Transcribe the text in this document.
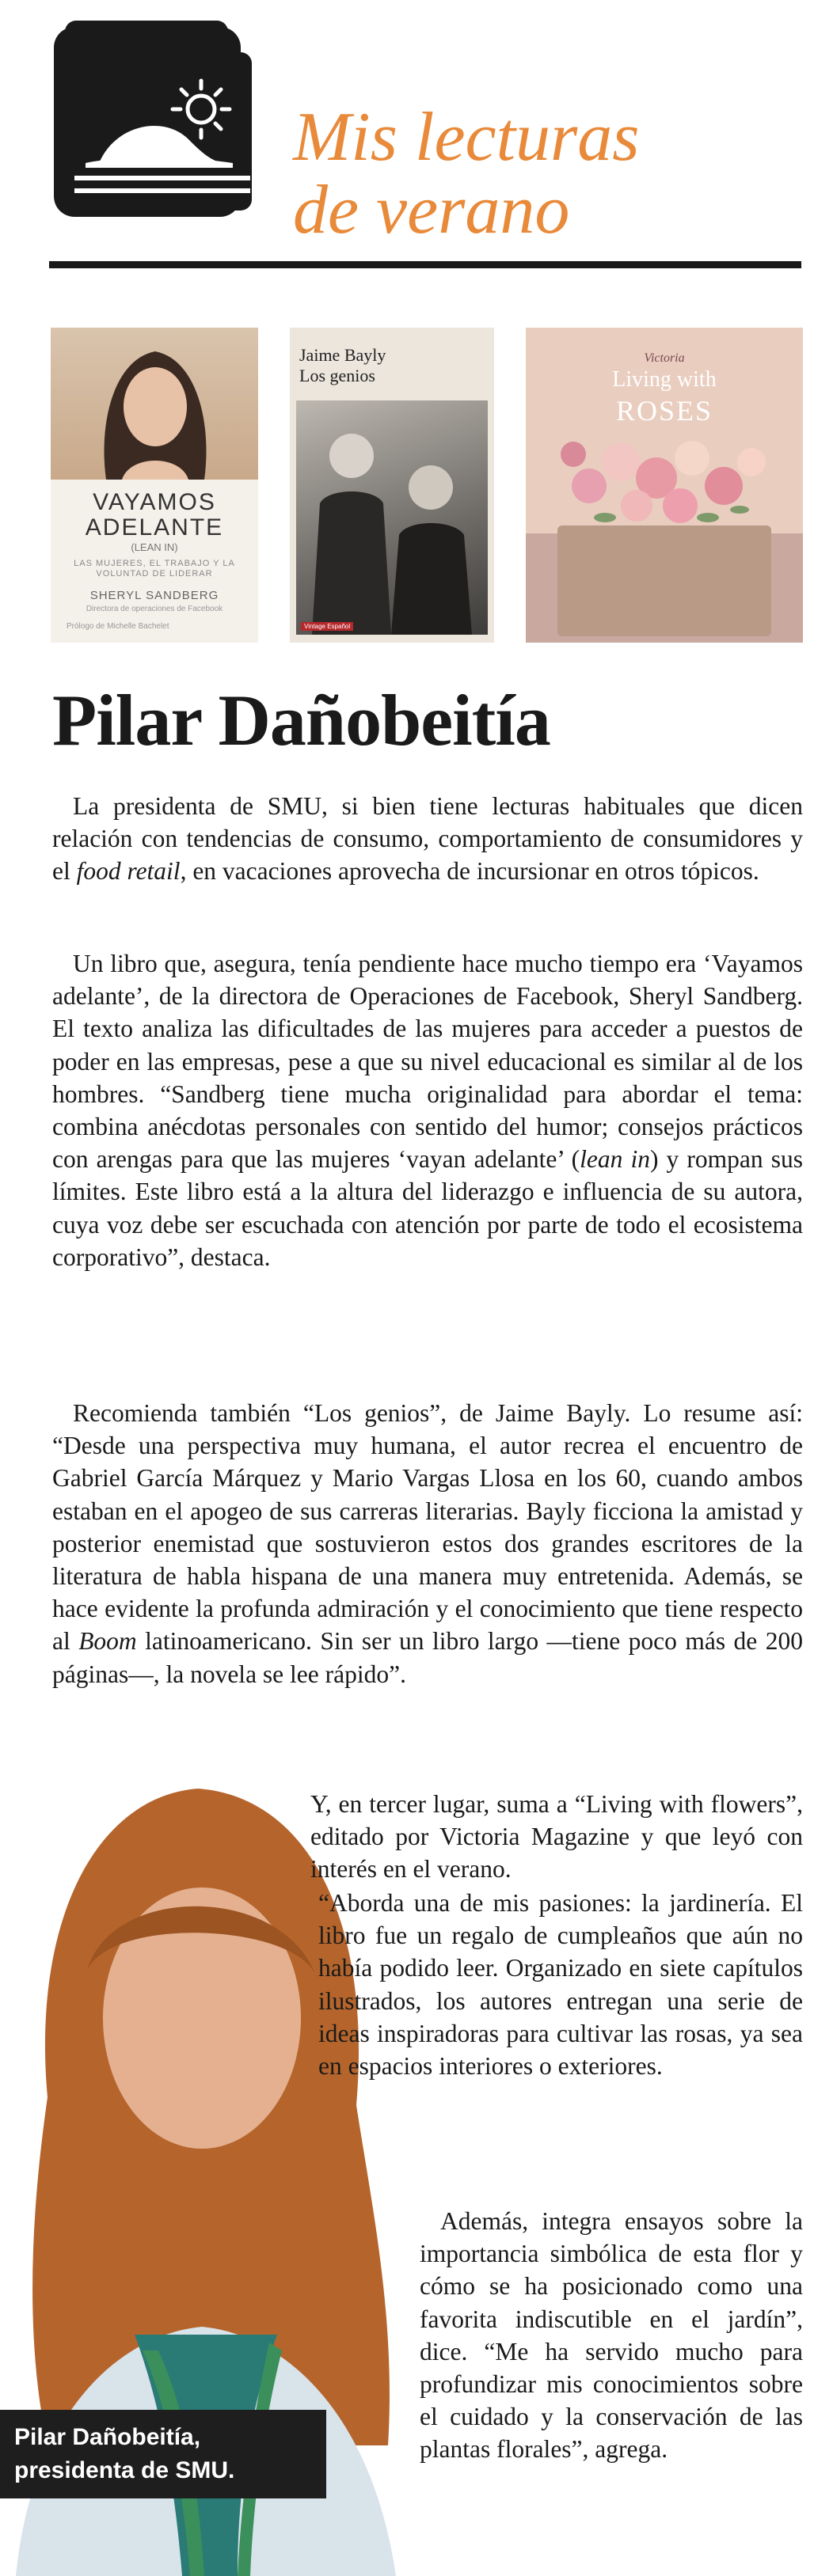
Mis lecturas
de verano
VAYAMOS ADELANTE
(LEAN IN)
LAS MUJERES, EL TRABAJO Y LA VOLUNTAD DE LIDERAR
SHERYL SANDBERG
Directora de operaciones de Facebook
Prólogo de Michelle Bachelet
Jaime Bayly
Los genios
Vintage Español
Victoria
Living with
ROSES
Pilar Dañobeitía

La presidenta de SMU, si bien tiene lecturas habituales que dicen relación con tendencias de consumo, comportamiento de consumidores y el food retail, en vacaciones aprovecha de incursionar en otros tópicos.

Un libro que, asegura, tenía pendiente hace mucho tiempo era ‘Vayamos adelante’, de la directora de Operaciones de Facebook, Sheryl Sandberg. El texto analiza las dificultades de las mujeres para acceder a puestos de poder en las empresas, pese a que su nivel educacional es similar al de los hombres. “Sandberg tiene mucha originalidad para abordar el tema: combina anécdotas personales con sentido del humor; consejos prácticos con arengas para que las mujeres ‘vayan adelante’ (lean in) y rompan sus límites. Este libro está a la altura del liderazgo e influencia de su autora, cuya voz debe ser escuchada con atención por parte de todo el ecosistema corporativo”, destaca.

Recomienda también “Los genios”, de Jaime Bayly. Lo resume así: “Desde una perspectiva muy humana, el autor recrea el encuentro de Gabriel García Márquez y Mario Vargas Llosa en los 60, cuando ambos estaban en el apogeo de sus carreras literarias. Bayly ficciona la amistad y posterior enemistad que sostuvieron estos dos grandes escritores de la literatura de habla hispana de una manera muy entretenida. Además, se hace evidente la profunda admiración y el conocimiento que tiene respecto al Boom latinoamericano. Sin ser un libro largo —tiene poco más de 200 páginas—, la novela se lee rápido”.

Pilar Dañobeitía,
presidenta de SMU.

Y, en tercer lugar, suma a “Living with flowers”, editado por Victoria Magazine y que leyó con interés en el verano.

“Aborda una de mis pasiones: la jardinería. El libro fue un regalo de cumpleaños que aún no había podido leer. Organizado en siete capítulos ilustrados, los autores entregan una serie de ideas inspiradoras para cultivar las rosas, ya sea en espacios interiores o exteriores.

Además, integra ensayos sobre la importancia simbólica de esta flor y cómo se ha posicionado como una favorita indiscutible en el jardín”, dice. “Me ha servido mucho para profundizar mis conocimientos sobre el cuidado y la conservación de las plantas florales”, agrega.
